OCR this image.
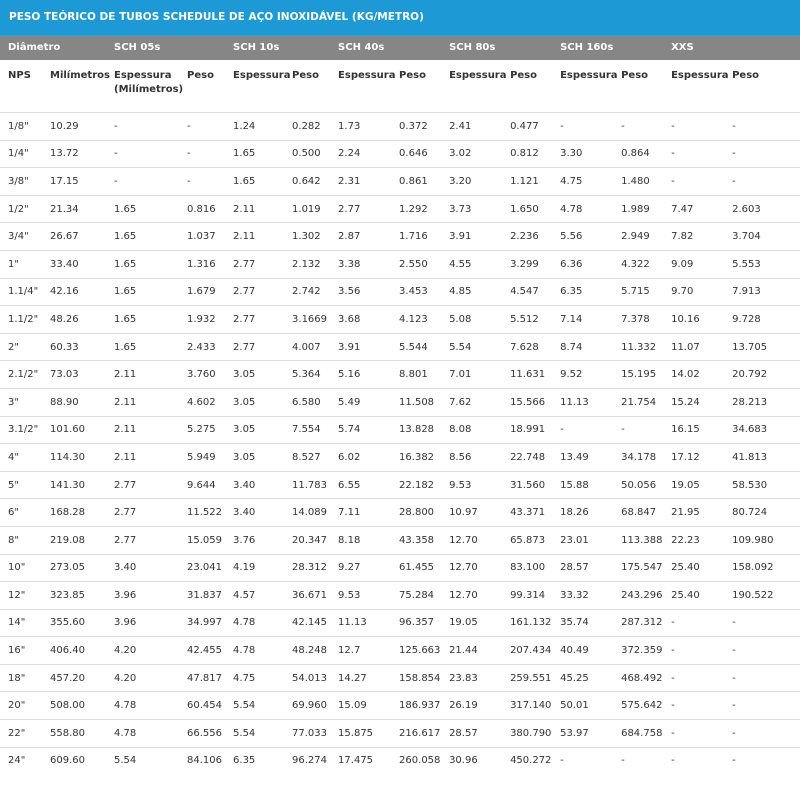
PESO TEÓRICO DE TUBOS SCHEDULE DE AÇO INOXIDÁVEL (KG/METRO)
Diâmetro		SCH 05s		SCH 10s		SCH 40s		SCH 80s		SCH 160s		XXS	
NPS	Milímetros	Espessura (Milímetros)	Peso	Espessura	Peso	Espessura	Peso	Espessura	Peso	Espessura	Peso	Espessura	Peso
1/8"	10.29	-	-	1.24	0.282	1.73	0.372	2.41	0.477	-	-	-	-
1/4"	13.72	-	-	1.65	0.500	2.24	0.646	3.02	0.812	3.30	0.864	-	-
3/8"	17.15	-	-	1.65	0.642	2.31	0.861	3.20	1.121	4.75	1.480	-	-
1/2"	21.34	1.65	0.816	2.11	1.019	2.77	1.292	3.73	1.650	4.78	1.989	7.47	2.603
3/4"	26.67	1.65	1.037	2.11	1.302	2.87	1.716	3.91	2.236	5.56	2.949	7.82	3.704
1"	33.40	1.65	1.316	2.77	2.132	3.38	2.550	4.55	3.299	6.36	4.322	9.09	5.553
1.1/4"	42.16	1.65	1.679	2.77	2.742	3.56	3.453	4.85	4.547	6.35	5.715	9.70	7.913
1.1/2"	48.26	1.65	1.932	2.77	3.1669	3.68	4.123	5.08	5.512	7.14	7.378	10.16	9.728
2"	60.33	1.65	2.433	2.77	4.007	3.91	5.544	5.54	7.628	8.74	11.332	11.07	13.705
2.1/2"	73.03	2.11	3.760	3.05	5.364	5.16	8.801	7.01	11.631	9.52	15.195	14.02	20.792
3"	88.90	2.11	4.602	3.05	6.580	5.49	11.508	7.62	15.566	11.13	21.754	15.24	28.213
3.1/2"	101.60	2.11	5.275	3.05	7.554	5.74	13.828	8.08	18.991	-	-	16.15	34.683
4"	114.30	2.11	5.949	3.05	8.527	6.02	16.382	8.56	22.748	13.49	34.178	17.12	41.813
5"	141.30	2.77	9.644	3.40	11.783	6.55	22.182	9.53	31.560	15.88	50.056	19.05	58.530
6"	168.28	2.77	11.522	3.40	14.089	7.11	28.800	10.97	43.371	18.26	68.847	21.95	80.724
8"	219.08	2.77	15.059	3.76	20.347	8.18	43.358	12.70	65.873	23.01	113.388	22.23	109.980
10"	273.05	3.40	23.041	4.19	28.312	9.27	61.455	12.70	83.100	28.57	175.547	25.40	158.092
12"	323.85	3.96	31.837	4.57	36.671	9.53	75.284	12.70	99.314	33.32	243.296	25.40	190.522
14"	355.60	3.96	34.997	4.78	42.145	11.13	96.357	19.05	161.132	35.74	287.312	-	-
16"	406.40	4.20	42.455	4.78	48.248	12.7	125.663	21.44	207.434	40.49	372.359	-	-
18"	457.20	4.20	47.817	4.75	54.013	14.27	158.854	23.83	259.551	45.25	468.492	-	-
20"	508.00	4.78	60.454	5.54	69.960	15.09	186.937	26.19	317.140	50.01	575.642	-	-
22"	558.80	4.78	66.556	5.54	77.033	15.875	216.617	28.57	380.790	53.97	684.758	-	-
24"	609.60	5.54	84.106	6.35	96.274	17.475	260.058	30.96	450.272	-	-	-	-
